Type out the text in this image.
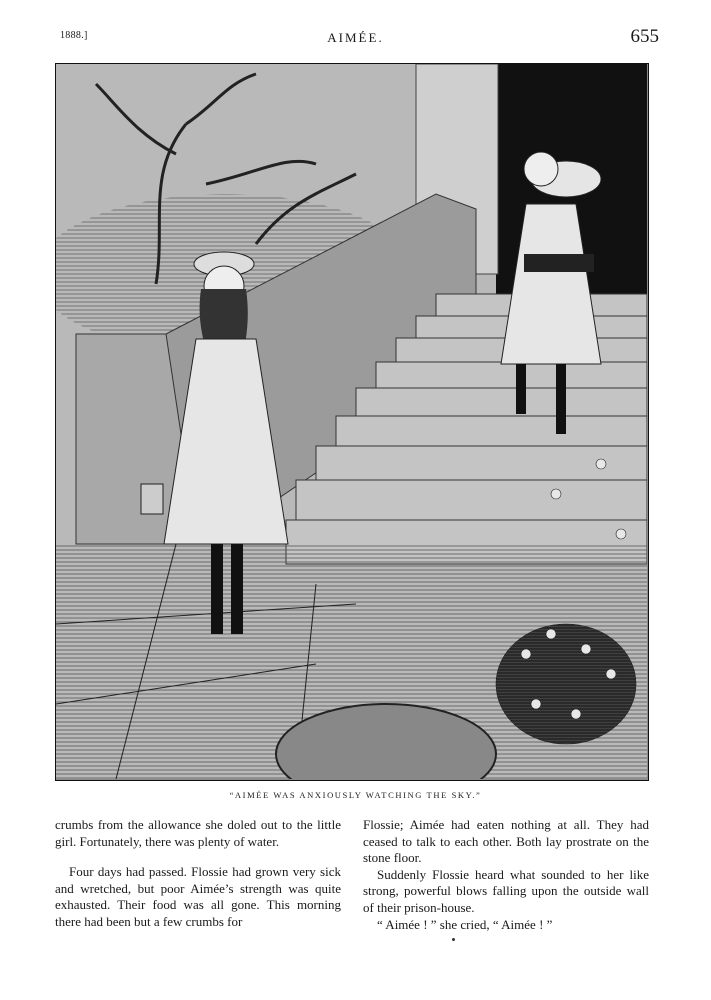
1888.]	AIMÉE.	655
“AIMÉE WAS ANXIOUSLY WATCHING THE SKY.”

crumbs from the allowance she doled out to the little girl. Fortunately, there was plenty of water.

Four days had passed. Flossie had grown very sick and wretched, but poor Aimée’s strength was quite exhausted. Their food was all gone. This morning there had been but a few crumbs for

Flossie; Aimée had eaten nothing at all. They had ceased to talk to each other. Both lay prostrate on the stone floor.

Suddenly Flossie heard what sounded to her like strong, powerful blows falling upon the outside wall of their prison-house.

“ Aimée ! ” she cried, “ Aimée ! ”
